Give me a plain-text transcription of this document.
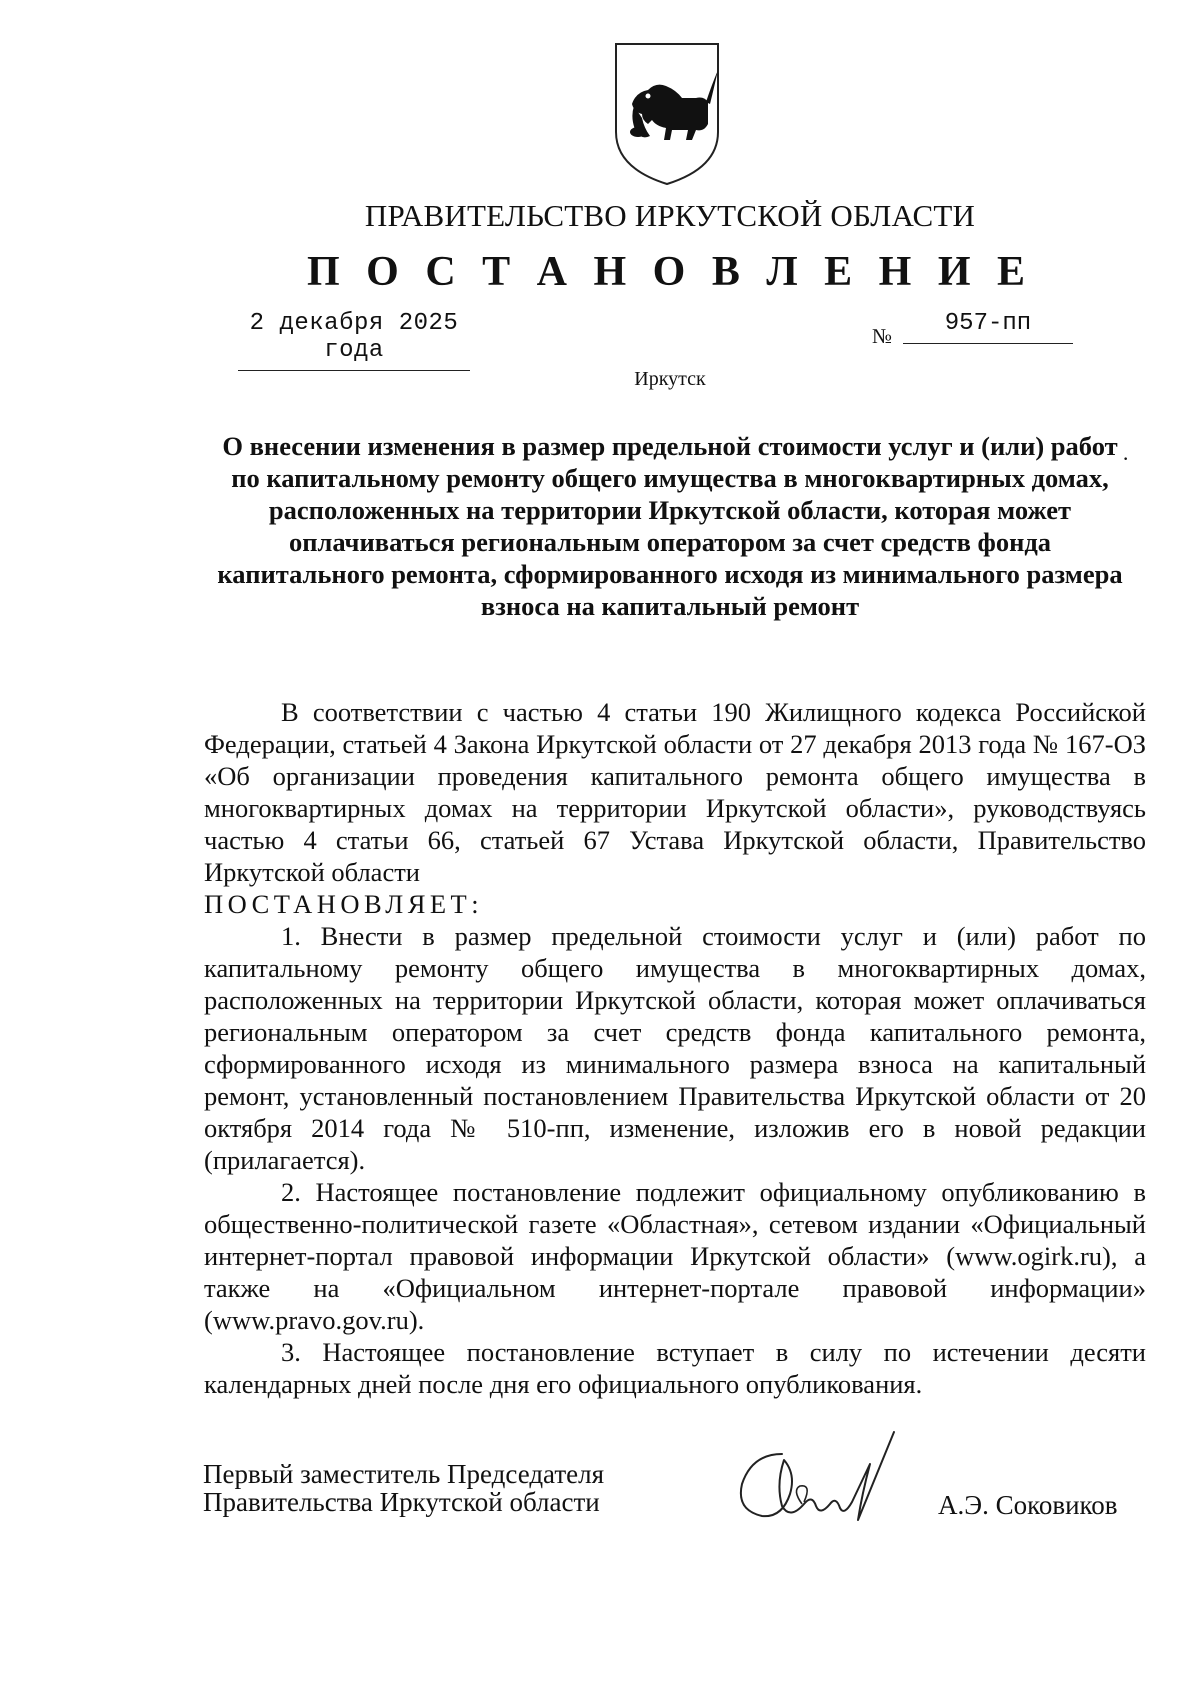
ПРАВИТЕЛЬСТВО ИРКУТСКОЙ ОБЛАСТИ
П О С Т А Н О В Л Е Н И Е
2 декабря 2025 года
№	957-пп
Иркутск
О внесении изменения в размер предельной стоимости услуг и (или) работ по капитальному ремонту общего имущества в многоквартирных домах, расположенных на территории Иркутской области, которая может оплачиваться региональным оператором за счет средств фонда капитального ремонта, сформированного исходя из минимального размера взноса на капитальный ремонт
·

В соответствии с частью 4 статьи 190 Жилищного кодекса Российской Федерации, статьей 4 Закона Иркутской области от 27 декабря 2013 года № 167-ОЗ «Об организации проведения капитального ремонта общего имущества в многоквартирных домах на территории Иркутской области», руководствуясь частью 4 статьи 66, статьей 67 Устава Иркутской области, Правительство Иркутской области

ПОСТАНОВЛЯЕТ:

1. Внести в размер предельной стоимости услуг и (или) работ по капитальному ремонту общего имущества в многоквартирных домах, расположенных на территории Иркутской области, которая может оплачиваться региональным оператором за счет средств фонда капитального ремонта, сформированного исходя из минимального размера взноса на капитальный ремонт, установленный постановлением Правительства Иркутской области от 20 октября 2014 года № 510-пп, изменение, изложив его в новой редакции (прилагается).

2. Настоящее постановление подлежит официальному опубликованию в общественно-политической газете «Областная», сетевом издании «Официальный интернет-портал правовой информации Иркутской области» (www.ogirk.ru), а также на «Официальном интернет-портале правовой информации» (www.pravo.gov.ru).

3. Настоящее постановление вступает в силу по истечении десяти календарных дней после дня его официального опубликования.

Первый заместитель Председателя
Правительства Иркутской области	А.Э. Соковиков
